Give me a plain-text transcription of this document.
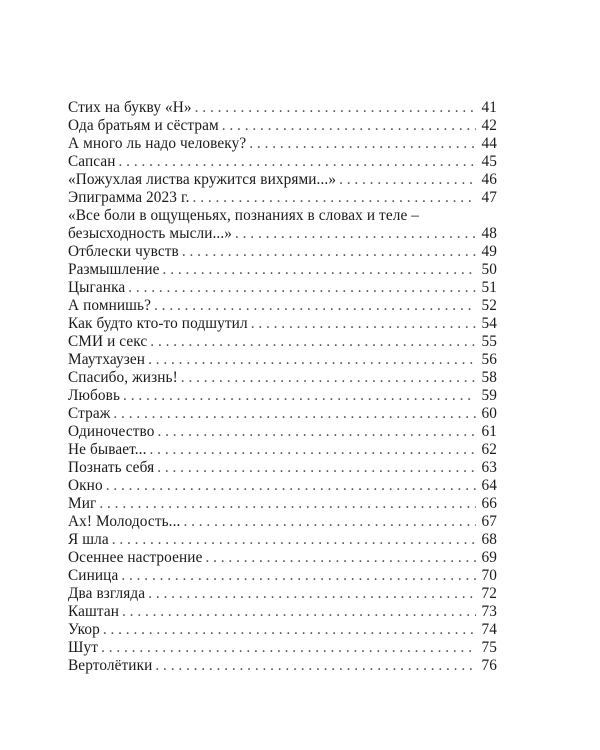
Стих на букву «Н» . . .	41
Ода братьям и сёстрам . . .	42
А много ль надо человеку? . . .	44
Сапсан . . .	45
«Пожухлая листва кружится вихрями...» . . .	46
Эпиграмма 2023 г. . . .	47
«Все боли в ощущеньях, познаниях в словах и теле –
безысходность мысли...» . . .	48
Отблески чувств . . .	49
Размышление . . .	50
Цыганка . . .	51
А помнишь? . . .	52
Как будто кто-то подшутил . . .	54
СМИ и секс . . .	55
Маутхаузен . . .	56
Спасибо, жизнь! . . .	58
Любовь . . .	59
Страж . . .	60
Одиночество . . .	61
Не бывает... . . .	62
Познать себя . . .	63
Окно . . .	64
Миг . . .	66
Ах! Молодость... . . .	67
Я шла . . .	68
Осеннее настроение . . .	69
Синица . . .	70
Два взгляда . . .	72
Каштан . . .	73
Укор . . .	74
Шут . . .	75
Вертолётики . . .	76
